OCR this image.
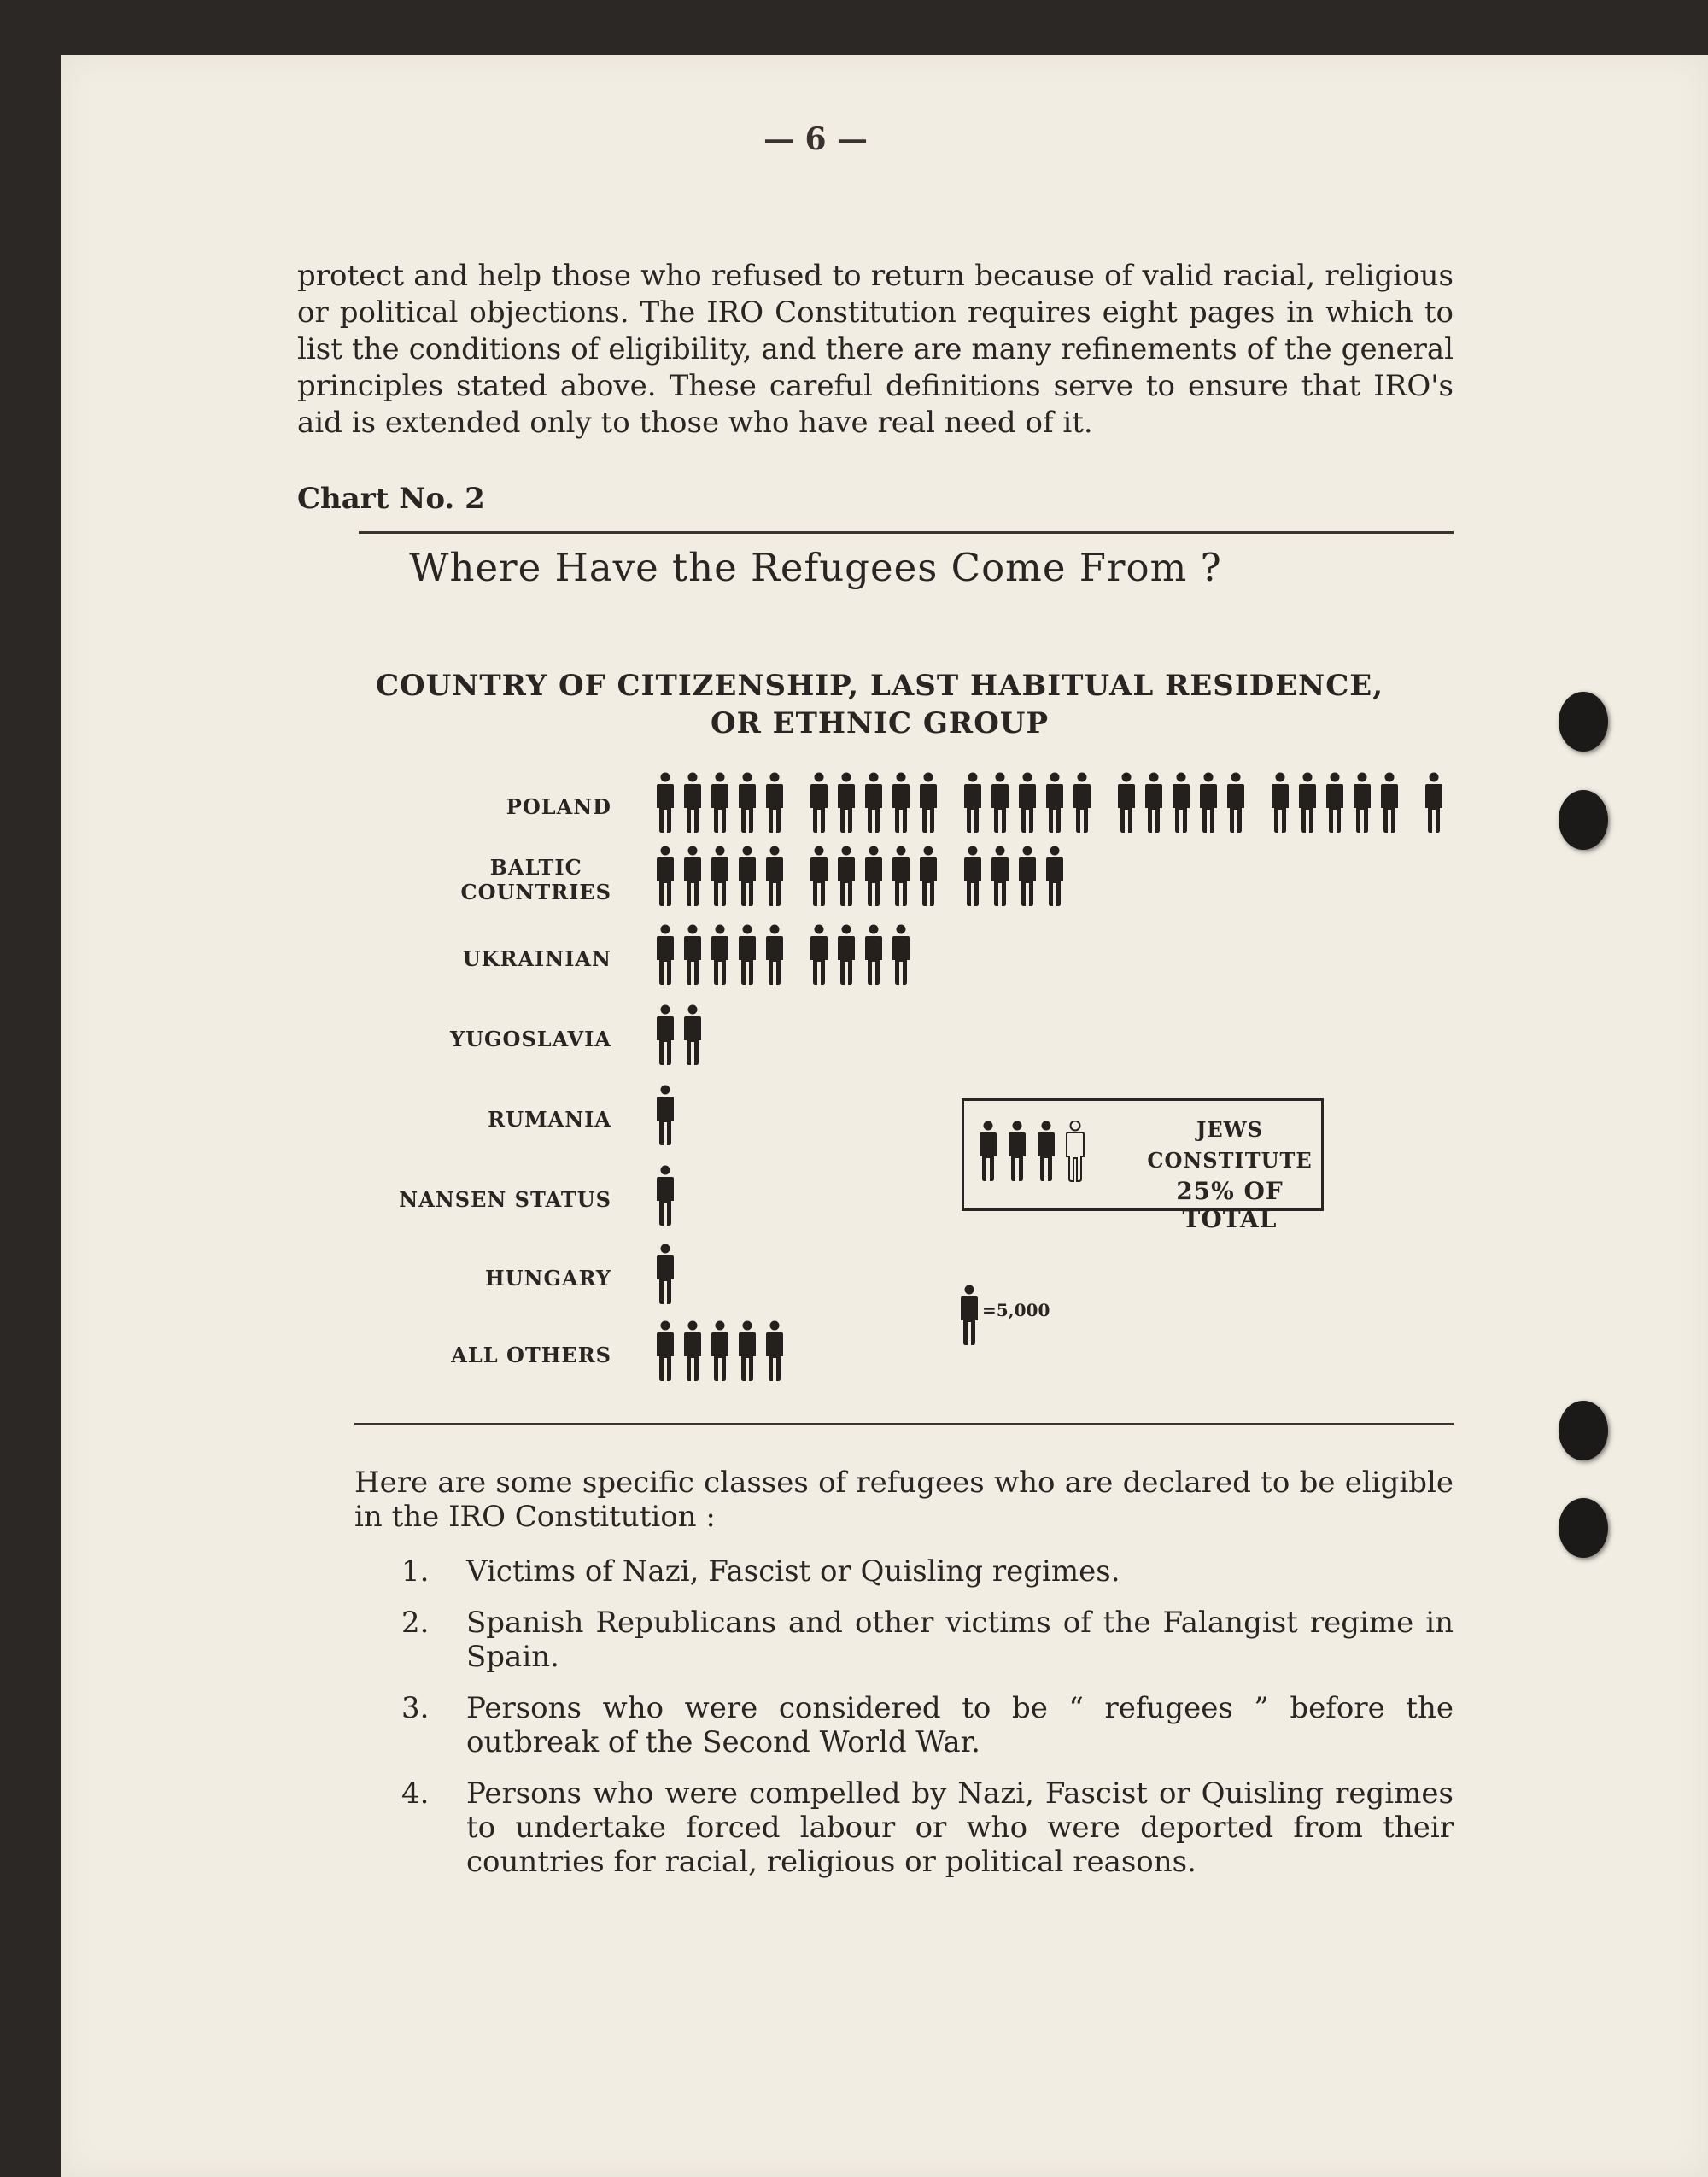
— 6 —

protect and help those who refused to return because of valid racial, religious or political objections. The IRO Constitution requires eight pages in which to list the conditions of eligibility, and there are many refinements of the general principles stated above. These careful definitions serve to ensure that IRO's aid is extended only to those who have real need of it.

Chart No. 2
Where Have the Refugees Come From ?
COUNTRY OF CITIZENSHIP, LAST HABITUAL RESIDENCE,
OR ETHNIC GROUP
POLAND
BALTIC
COUNTRIES
UKRAINIAN
YUGOSLAVIA
RUMANIA
NANSEN STATUS
HUNGARY
ALL OTHERS
JEWS
CONSTITUTE
25% OF TOTAL
=5,000

Here are some specific classes of refugees who are declared to be eligible in the IRO Constitution :

1. Victims of Nazi, Fascist or Quisling regimes.

2. Spanish Republicans and other victims of the Falangist regime in Spain.

3. Persons who were considered to be “ refugees ” before the outbreak of the Second World War.

4. Persons who were compelled by Nazi, Fascist or Quisling regimes to undertake forced labour or who were deported from their countries for racial, religious or political reasons.
